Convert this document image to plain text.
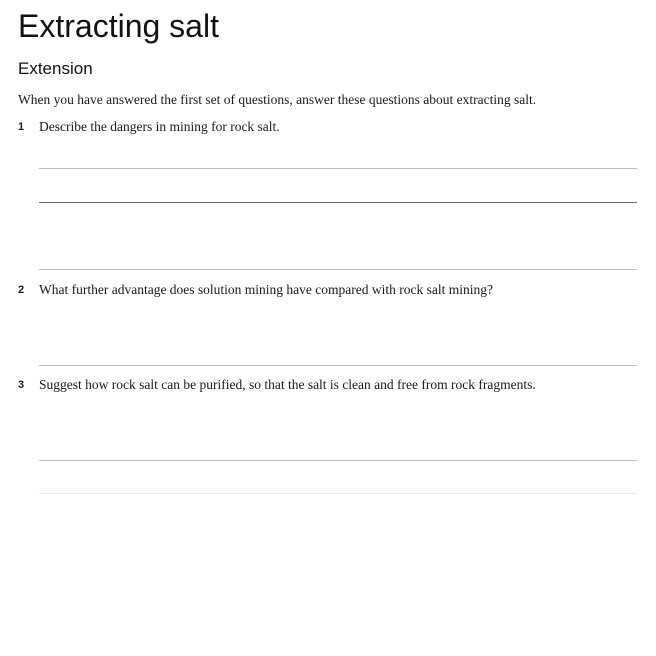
Extracting salt
Extension

When you have answered the first set of questions, answer these questions about extracting salt.

1 Describe the dangers in mining for rock salt.
2 What further advantage does solution mining have compared with rock salt mining?
3 Suggest how rock salt can be purified, so that the salt is clean and free from rock fragments.
